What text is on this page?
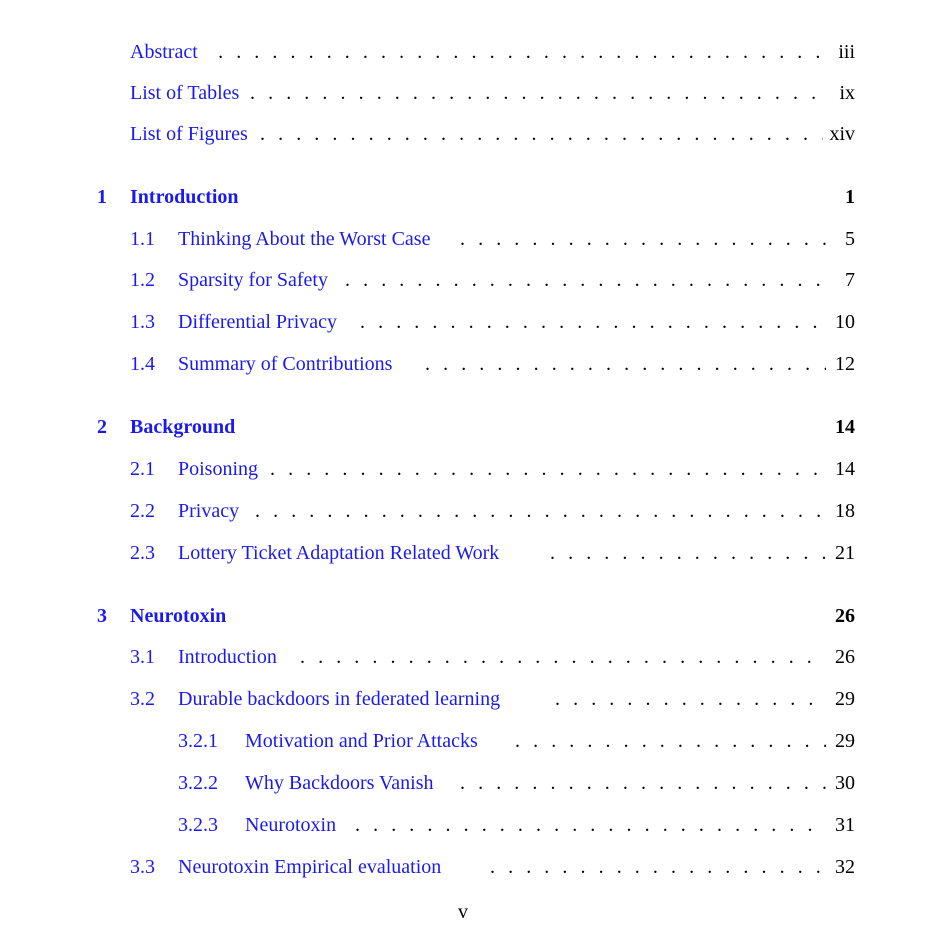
Abstract . . .	iii
List of Tables . . .	ix
List of Figures . . .	xiv
1 Introduction	1
1.1 Thinking About the Worst Case . . .	5
1.2 Sparsity for Safety . . .	7
1.3 Differential Privacy . . .	10
1.4 Summary of Contributions . . .	12
2 Background	14
2.1 Poisoning . . .	14
2.2 Privacy . . .	18
2.3 Lottery Ticket Adaptation Related Work . . .	21
3 Neurotoxin	26
3.1 Introduction . . .	26
3.2 Durable backdoors in federated learning . . .	29
3.2.1 Motivation and Prior Attacks . . .	29
3.2.2 Why Backdoors Vanish . . .	30
3.2.3 Neurotoxin . . .	31
3.3 Neurotoxin Empirical evaluation . . .	32
v
